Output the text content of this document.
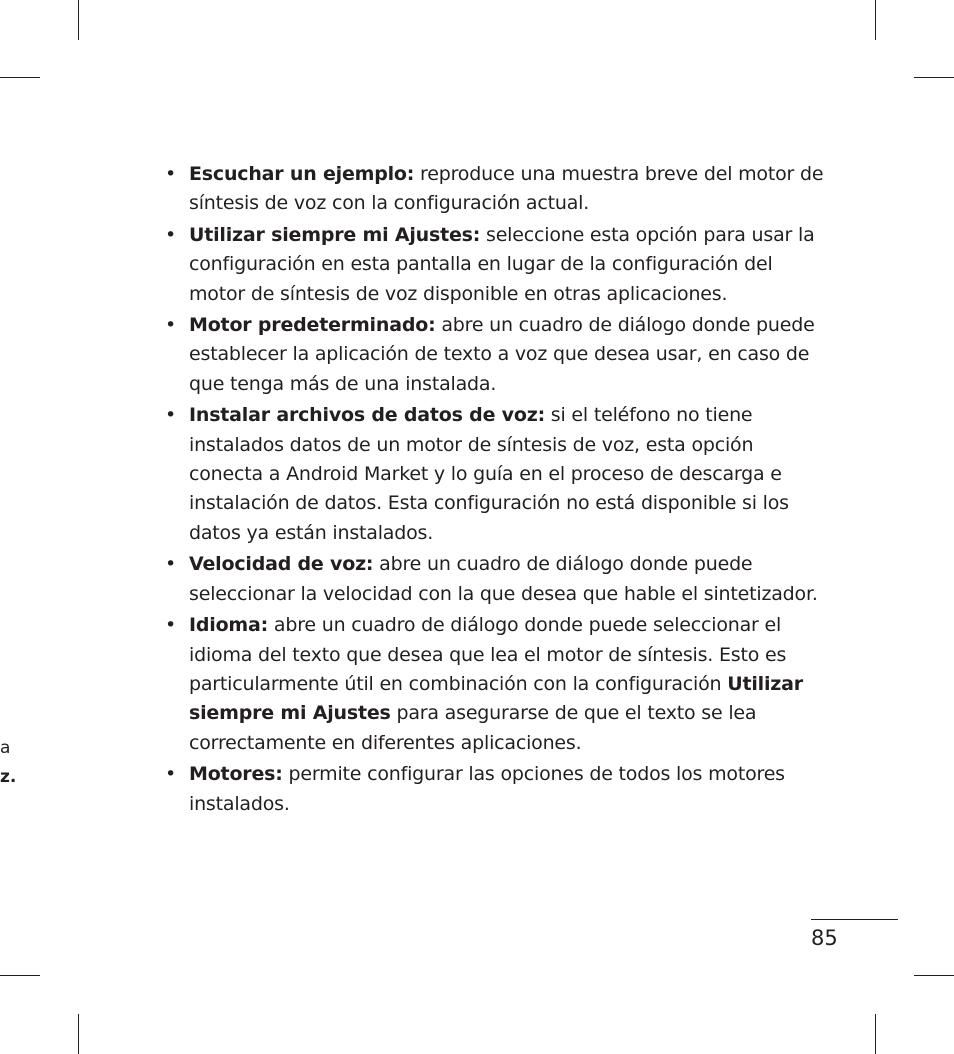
a
z.
• Escuchar un ejemplo: reproduce una muestra breve del motor de síntesis de voz con la configuración actual.
• Utilizar siempre mi Ajustes: seleccione esta opción para usar la configuración en esta pantalla en lugar de la configuración del motor de síntesis de voz disponible en otras aplicaciones.
• Motor predeterminado: abre un cuadro de diálogo donde puede establecer la aplicación de texto a voz que desea usar, en caso de que tenga más de una instalada.
• Instalar archivos de datos de voz: si el teléfono no tiene instalados datos de un motor de síntesis de voz, esta opción conecta a Android Market y lo guía en el proceso de descarga e instalación de datos. Esta configuración no está disponible si los datos ya están instalados.
• Velocidad de voz: abre un cuadro de diálogo donde puede seleccionar la velocidad con la que desea que hable el sintetizador.
• Idioma: abre un cuadro de diálogo donde puede seleccionar el idioma del texto que desea que lea el motor de síntesis. Esto es particularmente útil en combinación con la configuración Utilizar siempre mi Ajustes para asegurarse de que el texto se lea correctamente en diferentes aplicaciones.
• Motores: permite configurar las opciones de todos los motores instalados.
85
